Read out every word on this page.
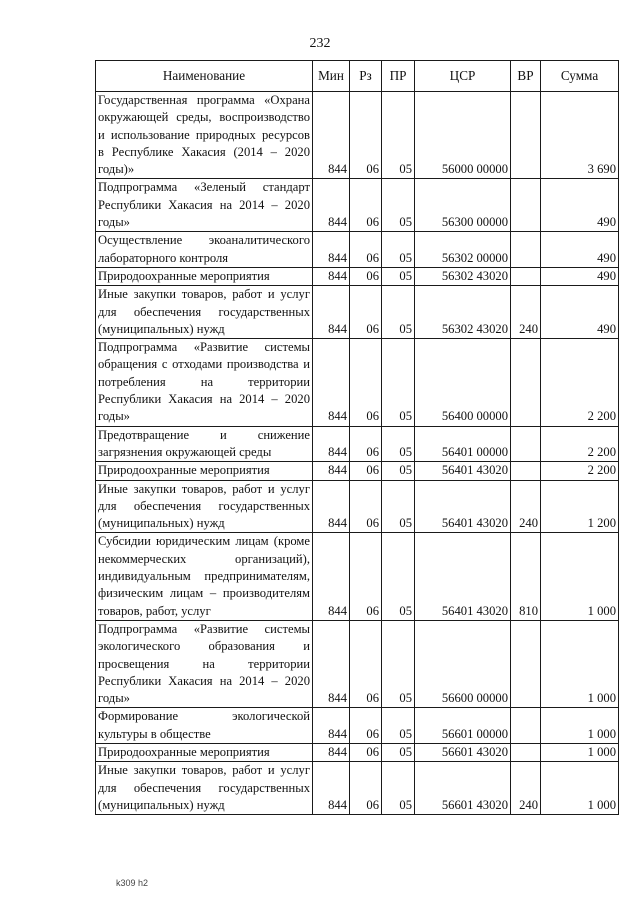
232
Наименование	Мин	Рз	ПР	ЦСР	ВР	Сумма
Государственная программа «Охрана окружающей среды, воспроизводство и использование природных ресурсов в Республике Хакасия (2014 – 2020 годы)»	844	06	05	56000 00000		3 690
Подпрограмма «Зеленый стандарт Республики Хакасия на 2014 – 2020 годы»	844	06	05	56300 00000		490
Осуществление экоаналитического лабораторного контроля	844	06	05	56302 00000		490
Природоохранные мероприятия	844	06	05	56302 43020		490
Иные закупки товаров, работ и услуг для обеспечения государственных (муниципальных) нужд	844	06	05	56302 43020	240	490
Подпрограмма «Развитие системы обращения с отходами производства и потребления на территории Республики Хакасия на 2014 – 2020 годы»	844	06	05	56400 00000		2 200
Предотвращение и снижение загрязнения окружающей среды	844	06	05	56401 00000		2 200
Природоохранные мероприятия	844	06	05	56401 43020		2 200
Иные закупки товаров, работ и услуг для обеспечения государственных (муниципальных) нужд	844	06	05	56401 43020	240	1 200
Субсидии юридическим лицам (кроме некоммерческих организаций), индивидуальным предпринимателям, физическим лицам – производителям товаров, работ, услуг	844	06	05	56401 43020	810	1 000
Подпрограмма «Развитие системы экологического образования и просвещения на территории Республики Хакасия на 2014 – 2020 годы»	844	06	05	56600 00000		1 000
Формирование экологической культуры в обществе	844	06	05	56601 00000		1 000
Природоохранные мероприятия	844	06	05	56601 43020		1 000
Иные закупки товаров, работ и услуг для обеспечения государственных (муниципальных) нужд	844	06	05	56601 43020	240	1 000
k309 h2
